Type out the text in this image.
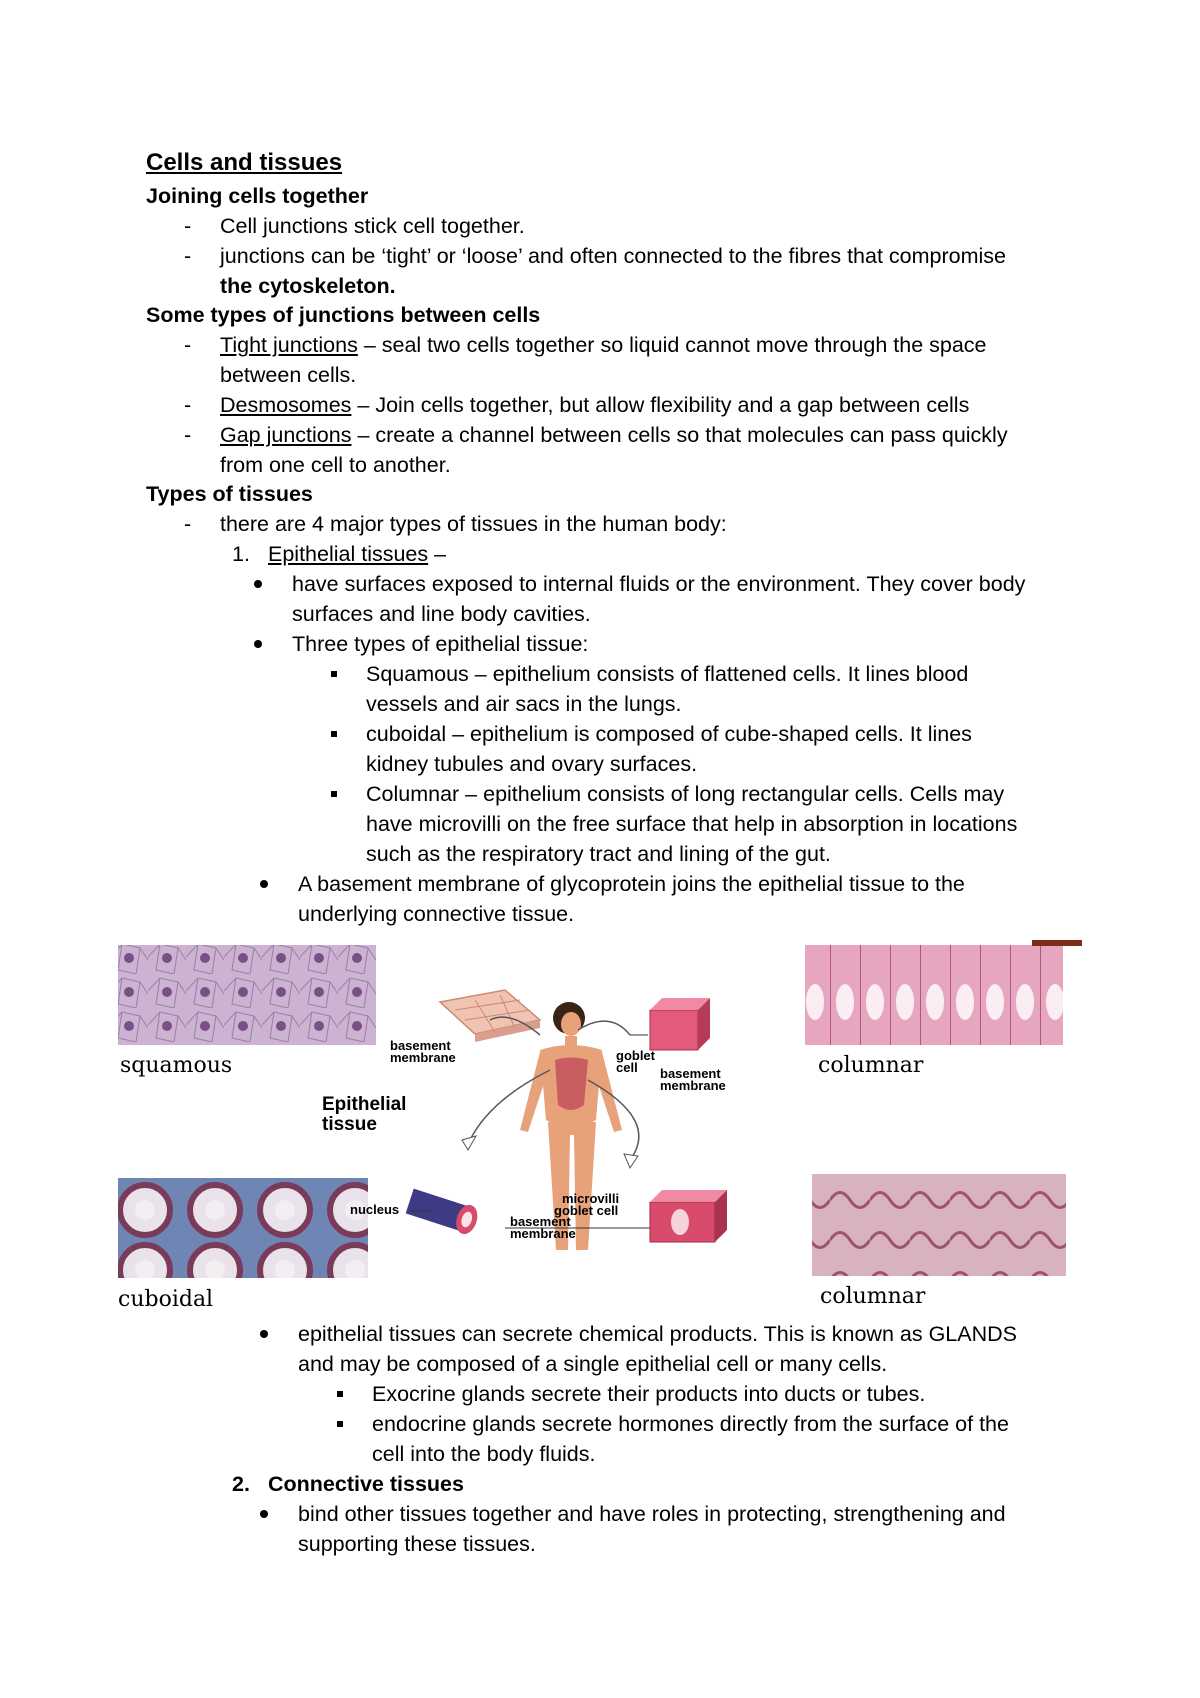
Cells and tissues
Joining cells together
- Cell junctions stick cell together.
- junctions can be ‘tight’ or ‘loose’ and often connected to the fibres that compromise
the cytoskeleton.
Some types of junctions between cells
- Tight junctions – seal two cells together so liquid cannot move through the space
between cells.
- Desmosomes – Join cells together, but allow flexibility and a gap between cells
- Gap junctions – create a channel between cells so that molecules can pass quickly
from one cell to another.
Types of tissues
- there are 4 major types of tissues in the human body:
1. Epithelial tissues –
have surfaces exposed to internal fluids or the environment. They cover body
surfaces and line body cavities.
Three types of epithelial tissue:
Squamous – epithelium consists of flattened cells. It lines blood
vessels and air sacs in the lungs.
cuboidal – epithelium is composed of cube-shaped cells. It lines
kidney tubules and ovary surfaces.
Columnar – epithelium consists of long rectangular cells. Cells may
have microvilli on the free surface that help in absorption in locations
such as the respiratory tract and lining of the gut.
A basement membrane of glycoprotein joins the epithelial tissue to the
underlying connective tissue.
squamous	columnar
cuboidal	columnar
basement
membrane	goblet
cell basement
membrane
Epithelial
tissue
nucleus
microvilli
goblet cell
basement
membrane
epithelial tissues can secrete chemical products. This is known as GLANDS
and may be composed of a single epithelial cell or many cells.
Exocrine glands secrete their products into ducts or tubes.
endocrine glands secrete hormones directly from the surface of the
cell into the body fluids.
2. Connective tissues
bind other tissues together and have roles in protecting, strengthening and
supporting these tissues.
